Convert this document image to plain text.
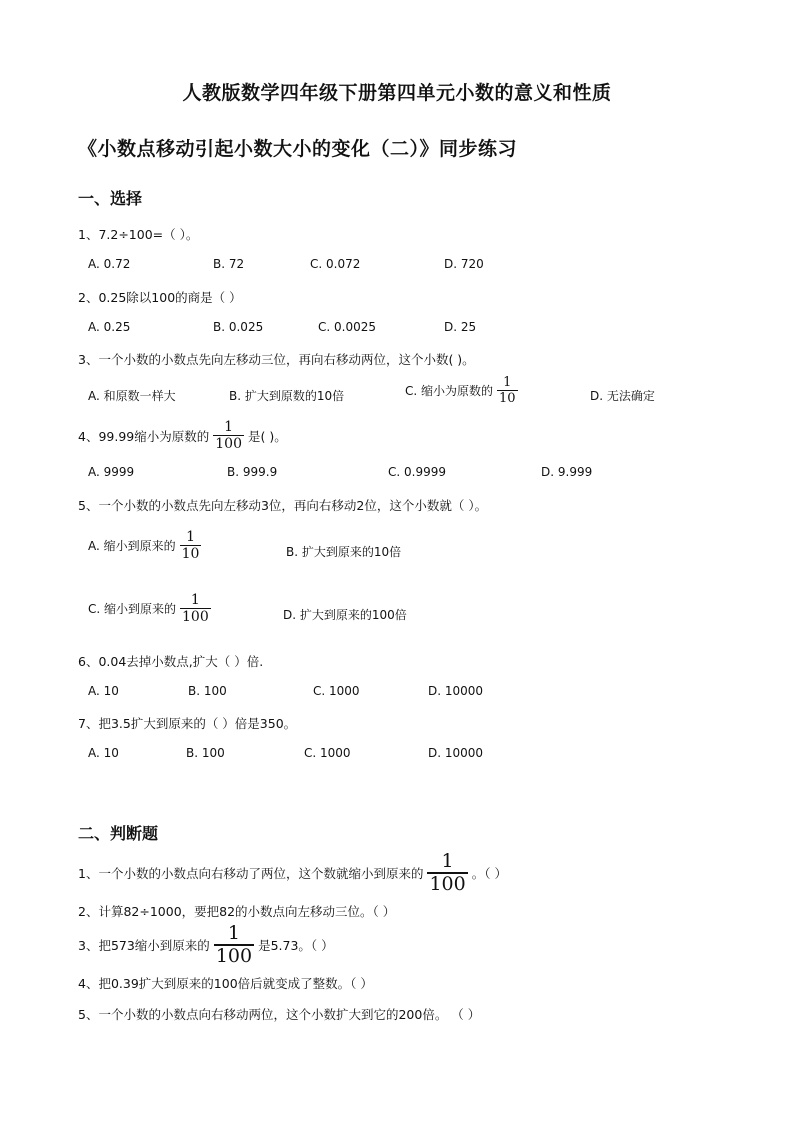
人教版数学四年级下册第四单元小数的意义和性质
《小数点移动引起小数大小的变化（二）》同步练习
一、选择
1、7.2÷100=（ ）。
A. 0.72	B. 72	C. 0.072	D. 720
2、0.25除以100的商是（ ）
A. 0.25	B. 0.025	C. 0.0025	D. 25
3、一个小数的小数点先向左移动三位，再向右移动两位，这个小数( )。
A. 和原数一样大	B. 扩大到原数的10倍	C. 缩小为原数的 $\frac{1}{10}$	D. 无法确定
4、99.99缩小为原数的 $\frac{1}{100}$ 是( )。
A. 9999	B. 999.9	C. 0.9999	D. 9.999
5、一个小数的小数点先向左移动3位，再向右移动2位，这个小数就（ ）。
A. 缩小到原来的 $\frac{1}{10}$	B. 扩大到原来的10倍
C. 缩小到原来的 $\frac{1}{100}$	D. 扩大到原来的100倍
6、0.04去掉小数点,扩大（ ）倍.
A. 10	B. 100	C. 1000	D. 10000
7、把3.5扩大到原来的（ ）倍是350。
A. 10	B. 100	C. 1000	D. 10000
二、判断题
1、一个小数的小数点向右移动了两位，这个数就缩小到原来的 $\frac{1}{100}$ 。（ ）
2、计算82÷1000，要把82的小数点向左移动三位。（ ）
3、把573缩小到原来的 $\frac{1}{100}$ 是5.73。（ ）
4、把0.39扩大到原来的100倍后就变成了整数。（ ）
5、一个小数的小数点向右移动两位，这个小数扩大到它的200倍。 （ ）
